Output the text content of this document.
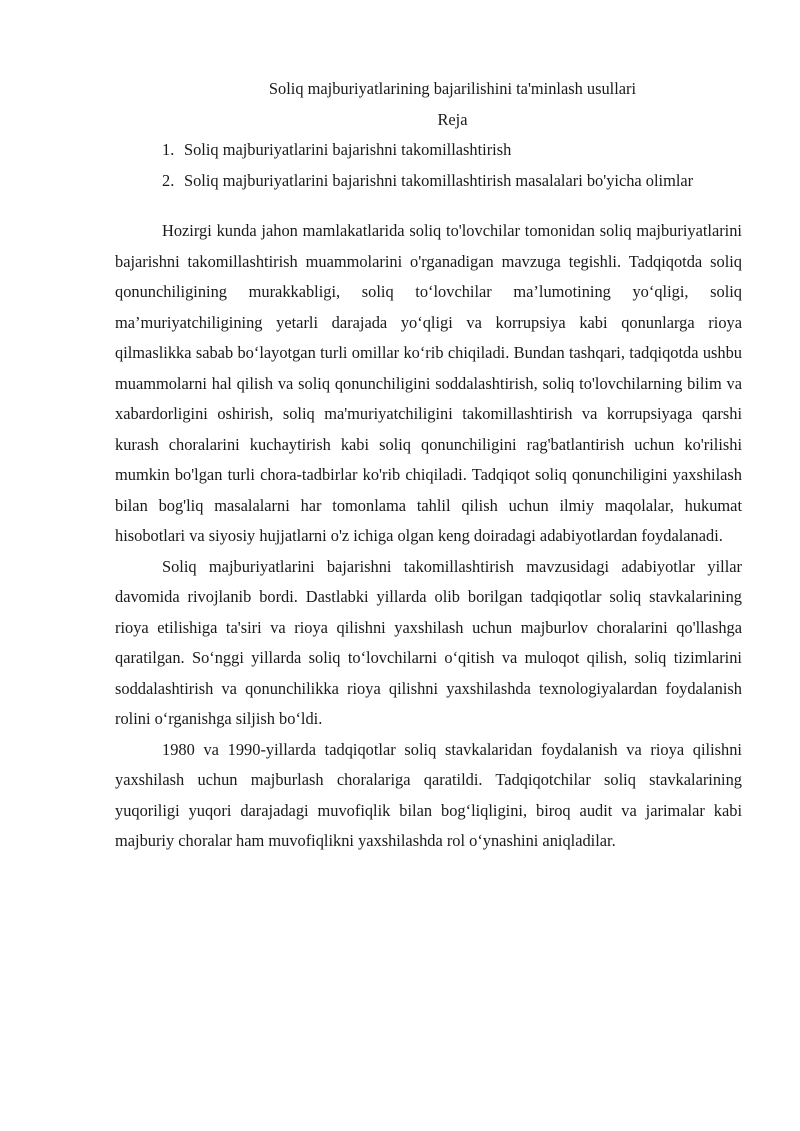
Soliq majburiyatlarining bajarilishini ta'minlash usullari
Reja
1. Soliq majburiyatlarini bajarishni takomillashtirish
2. Soliq majburiyatlarini bajarishni takomillashtirish masalalari bo'yicha olimlar

Hozirgi kunda jahon mamlakatlarida soliq to'lovchilar tomonidan soliq majburiyatlarini bajarishni takomillashtirish muammolarini o'rganadigan mavzuga tegishli. Tadqiqotda soliq qonunchiligining murakkabligi, soliq to‘lovchilar ma’lumotining yo‘qligi, soliq ma’muriyatchiligining yetarli darajada yo‘qligi va korrupsiya kabi qonunlarga rioya qilmaslikka sabab bo‘layotgan turli omillar ko‘rib chiqiladi. Bundan tashqari, tadqiqotda ushbu muammolarni hal qilish va soliq qonunchiligini soddalashtirish, soliq to'lovchilarning bilim va xabardorligini oshirish, soliq ma'muriyatchiligini takomillashtirish va korrupsiyaga qarshi kurash choralarini kuchaytirish kabi soliq qonunchiligini rag'batlantirish uchun ko'rilishi mumkin bo'lgan turli chora-tadbirlar ko'rib chiqiladi. Tadqiqot soliq qonunchiligini yaxshilash bilan bog'liq masalalarni har tomonlama tahlil qilish uchun ilmiy maqolalar, hukumat hisobotlari va siyosiy hujjatlarni o'z ichiga olgan keng doiradagi adabiyotlardan foydalanadi.

Soliq majburiyatlarini bajarishni takomillashtirish mavzusidagi adabiyotlar yillar davomida rivojlanib bordi. Dastlabki yillarda olib borilgan tadqiqotlar soliq stavkalarining rioya etilishiga ta'siri va rioya qilishni yaxshilash uchun majburlov choralarini qo'llashga qaratilgan. So‘nggi yillarda soliq to‘lovchilarni o‘qitish va muloqot qilish, soliq tizimlarini soddalashtirish va qonunchilikka rioya qilishni yaxshilashda texnologiyalardan foydalanish rolini o‘rganishga siljish bo‘ldi.

1980 va 1990-yillarda tadqiqotlar soliq stavkalaridan foydalanish va rioya qilishni yaxshilash uchun majburlash choralariga qaratildi. Tadqiqotchilar soliq stavkalarining yuqoriligi yuqori darajadagi muvofiqlik bilan bog‘liqligini, biroq audit va jarimalar kabi majburiy choralar ham muvofiqlikni yaxshilashda rol o‘ynashini aniqladilar.
